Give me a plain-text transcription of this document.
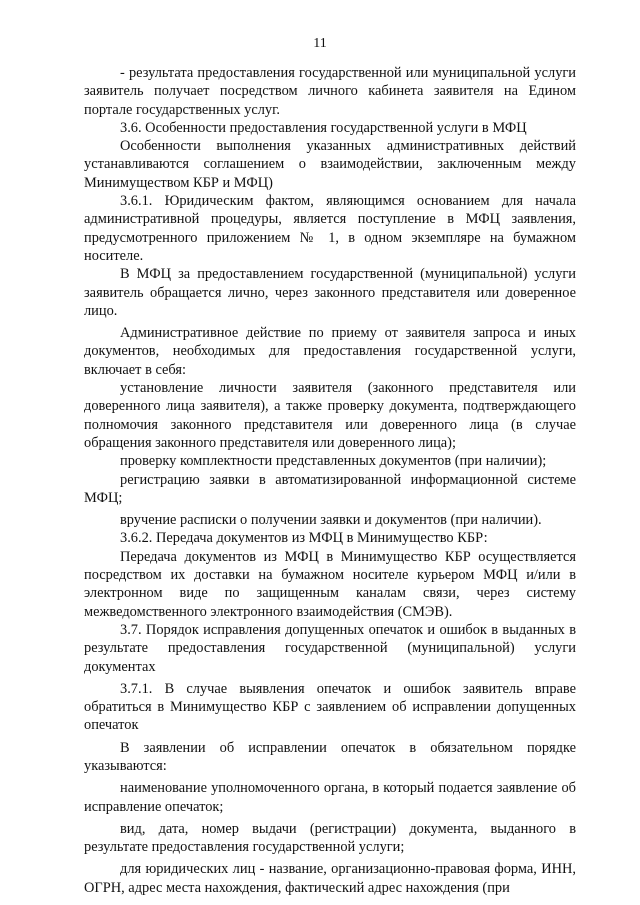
11

- результата предоставления государственной или муниципальной услуги заявитель получает посредством личного кабинета заявителя на Едином портале государственных услуг.

3.6. Особенности предоставления государственной услуги в МФЦ

Особенности выполнения указанных административных действий устанавливаются соглашением о взаимодействии, заключенным между Минимуществом КБР и МФЦ)

3.6.1. Юридическим фактом, являющимся основанием для начала административной процедуры, является поступление в МФЦ заявления, предусмотренного приложением № 1, в одном экземпляре на бумажном носителе.

В МФЦ за предоставлением государственной (муниципальной) услуги заявитель обращается лично, через законного представителя или доверенное лицо.

Административное действие по приему от заявителя запроса и иных документов, необходимых для предоставления государственной услуги, включает в себя:

установление личности заявителя (законного представителя или доверенного лица заявителя), а также проверку документа, подтверждающего полномочия законного представителя или доверенного лица (в случае обращения законного представителя или доверенного лица);

проверку комплектности представленных документов (при наличии);

регистрацию заявки в автоматизированной информационной системе МФЦ;

вручение расписки о получении заявки и документов (при наличии).

3.6.2. Передача документов из МФЦ в Минимущество КБР:

Передача документов из МФЦ в Минимущество КБР осуществляется посредством их доставки на бумажном носителе курьером МФЦ и/или в электронном виде по защищенным каналам связи, через систему межведомственного электронного взаимодействия (СМЭВ).

3.7. Порядок исправления допущенных опечаток и ошибок в выданных в результате предоставления государственной (муниципальной) услуги документах

3.7.1. В случае выявления опечаток и ошибок заявитель вправе обратиться в Минимущество КБР с заявлением об исправлении допущенных опечаток

В заявлении об исправлении опечаток в обязательном порядке указываются:

наименование уполномоченного органа, в который подается заявление об исправление опечаток;

вид, дата, номер выдачи (регистрации) документа, выданного в результате предоставления государственной услуги;

для юридических лиц - название, организационно-правовая форма, ИНН, ОГРН, адрес места нахождения, фактический адрес нахождения (при
